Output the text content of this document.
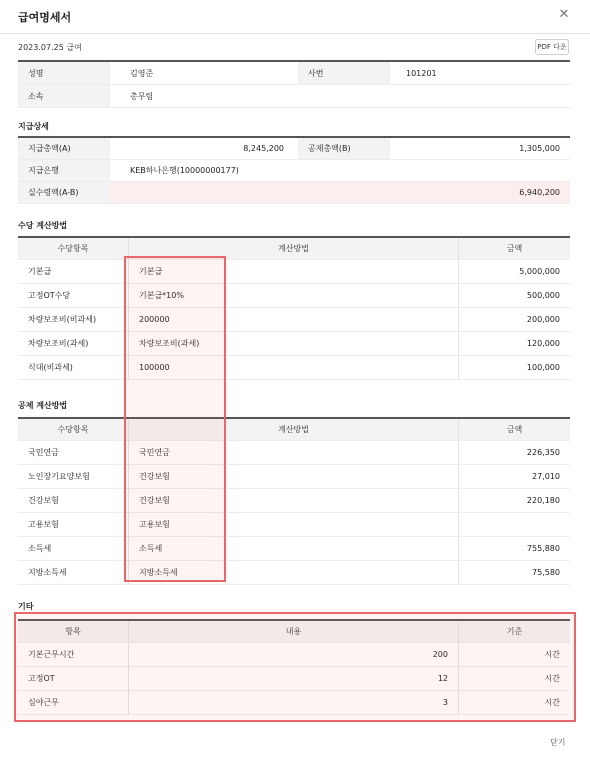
급여명세서	✕
2023.07.25 급여	PDF 다운
성명	김영준	사번	101201
소속	총무팀
지급상세
지급총액(A)	8,245,200	공제총액(B)	1,305,000
지급은행	KEB하나은행(10000000177)
실수령액(A-B)	6,940,200
수당 계산방법
수당항목	계산방법	금액
기본급	기본급	5,000,000
고정OT수당	기본급*10%	500,000
차량보조비(비과세)	200000	200,000
차량보조비(과세)	차량보조비(과세)	120,000
식대(비과세)	100000	100,000
공제 계산방법
수당항목	계산방법	금액
국민연금	국민연금	226,350
노인장기요양보험	건강보험	27,010
건강보험	건강보험	220,180
고용보험	고용보험
소득세	소득세	755,880
지방소득세	지방소득세	75,580
기타
항목	내용	기준
기본근무시간	200	시간
고정OT	12	시간
심야근무	3	시간
닫기
